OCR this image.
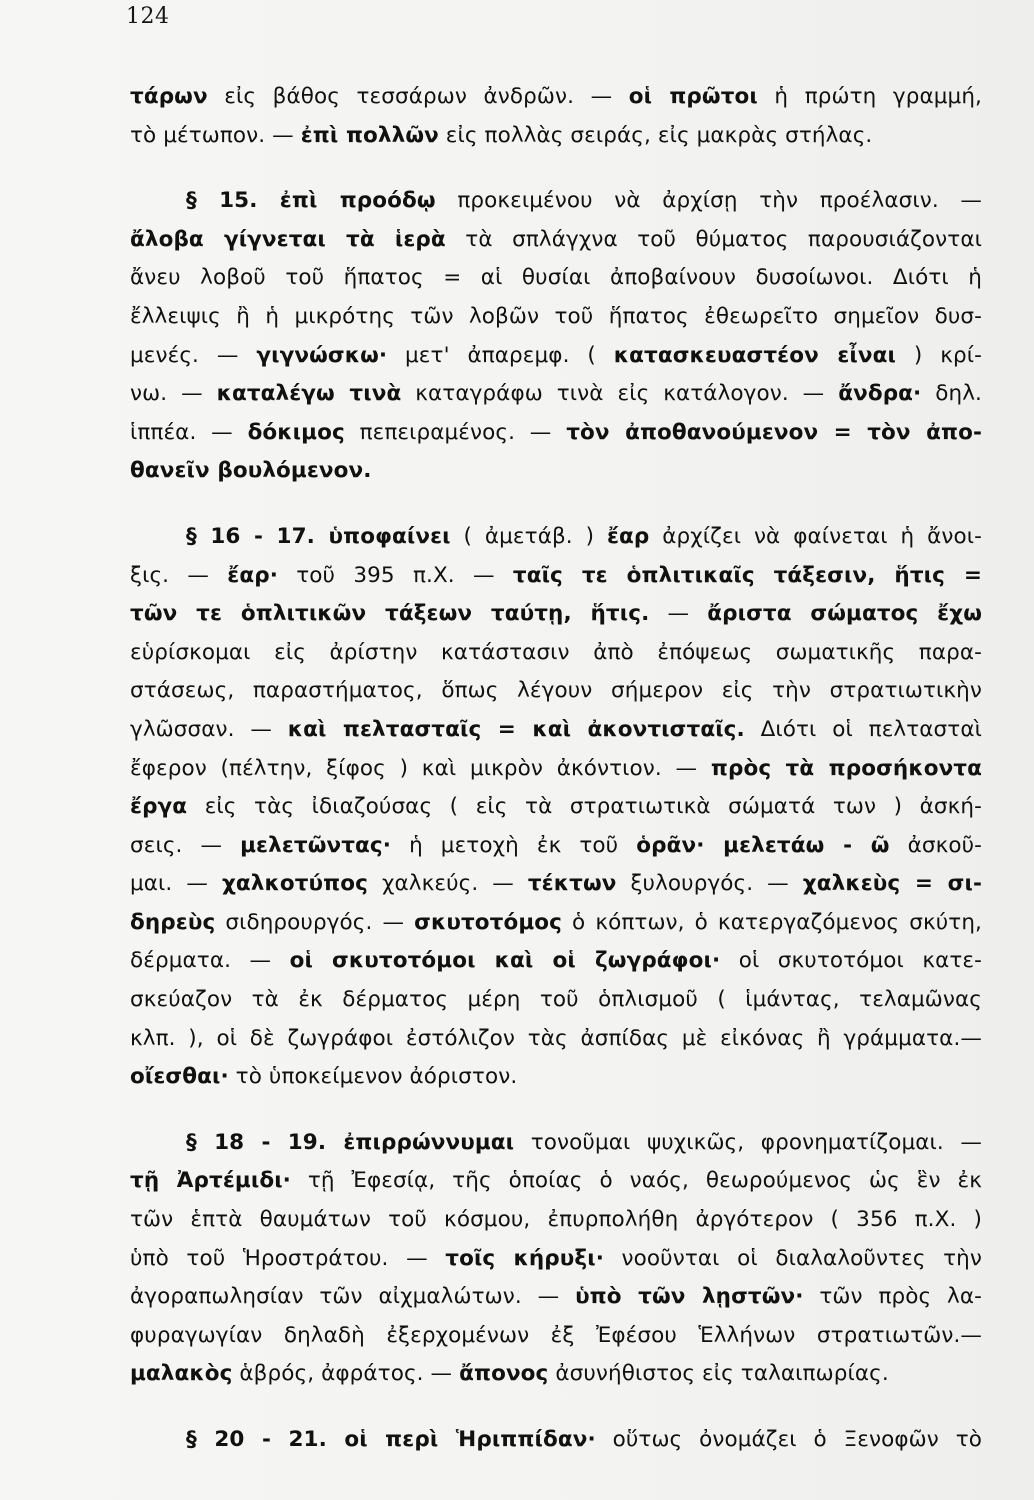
124
τάρων εἰς βάθος τεσσάρων ἀνδρῶν. — οἱ πρῶτοι ἡ πρώτη γραμμή,
τὸ μέτωπον. — ἐπὶ πολλῶν εἰς πολλὰς σειράς, εἰς μακρὰς στήλας.
§ 15. ἐπὶ προόδῳ προκειμένου νὰ ἀρχίσῃ τὴν προέλασιν. —
ἄλοβα γίγνεται τὰ ἱερὰ τὰ σπλάγχνα τοῦ θύματος παρουσιάζονται
ἄνευ λοβοῦ τοῦ ἥπατος = αἱ θυσίαι ἀποβαίνουν δυσοίωνοι. Διότι ἡ
ἔλλειψις ἢ ἡ μικρότης τῶν λοβῶν τοῦ ἥπατος ἐθεωρεῖτο σημεῖον δυσ-
μενές. — γιγνώσκω· μετ' ἀπαρεμφ. ( κατασκευαστέον εἶναι ) κρί-
νω. — καταλέγω τινὰ καταγράφω τινὰ εἰς κατάλογον. — ἄνδρα· δηλ.
ἱππέα. — δόκιμος πεπειραμένος. — τὸν ἀποθανούμενον = τὸν ἀπο-
θανεῖν βουλόμενον.
§ 16 - 17. ὑποφαίνει ( ἀμετάβ. ) ἔαρ ἀρχίζει νὰ φαίνεται ἡ ἄνοι-
ξις. — ἔαρ· τοῦ 395 π.Χ. — ταῖς τε ὁπλιτικαῖς τάξεσιν, ἥτις =
τῶν τε ὁπλιτικῶν τάξεων ταύτῃ, ἥτις. — ἄριστα σώματος ἔχω
εὑρίσκομαι εἰς ἀρίστην κατάστασιν ἀπὸ ἐπόψεως σωματικῆς παρα-
στάσεως, παραστήματος, ὅπως λέγουν σήμερον εἰς τὴν στρατιωτικὴν
γλῶσσαν. — καὶ πελτασταῖς = καὶ ἀκοντισταῖς. Διότι οἱ πελτασταὶ
ἔφερον (πέλτην, ξίφος ) καὶ μικρὸν ἀκόντιον. — πρὸς τὰ προσήκοντα
ἔργα εἰς τὰς ἰδιαζούσας ( εἰς τὰ στρατιωτικὰ σώματά των ) ἀσκή-
σεις. — μελετῶντας· ἡ μετοχὴ ἐκ τοῦ ὁρᾶν· μελετάω - ῶ ἀσκοῦ-
μαι. — χαλκοτύπος χαλκεύς. — τέκτων ξυλουργός. — χαλκεὺς = σι-
δηρεὺς σιδηρουργός. — σκυτοτόμος ὁ κόπτων, ὁ κατεργαζόμενος σκύτη,
δέρματα. — οἱ σκυτοτόμοι καὶ οἱ ζωγράφοι· οἱ σκυτοτόμοι κατε-
σκεύαζον τὰ ἐκ δέρματος μέρη τοῦ ὁπλισμοῦ ( ἱμάντας, τελαμῶνας
κλπ. ), οἱ δὲ ζωγράφοι ἐστόλιζον τὰς ἀσπίδας μὲ εἰκόνας ἢ γράμματα.—
οἴεσθαι· τὸ ὑποκείμενον ἀόριστον.
§ 18 - 19. ἐπιρρώννυμαι τονοῦμαι ψυχικῶς, φρονηματίζομαι. —
τῇ Ἀρτέμιδι· τῇ Ἐφεσίᾳ, τῆς ὁποίας ὁ ναός, θεωρούμενος ὡς ἓν ἐκ
τῶν ἑπτὰ θαυμάτων τοῦ κόσμου, ἐπυρπολήθη ἀργότερον ( 356 π.Χ. )
ὑπὸ τοῦ Ἡροστράτου. — τοῖς κήρυξι· νοοῦνται οἱ διαλαλοῦντες τὴν
ἀγοραπωλησίαν τῶν αἰχμαλώτων. — ὑπὸ τῶν λῃστῶν· τῶν πρὸς λα-
φυραγωγίαν δηλαδὴ ἐξερχομένων ἐξ Ἐφέσου Ἑλλήνων στρατιωτῶν.—
μαλακὸς ἁβρός, ἀφράτος. — ἄπονος ἀσυνήθιστος εἰς ταλαιπωρίας.
§ 20 - 21. οἱ περὶ Ἡριππίδαν· οὕτως ὀνομάζει ὁ Ξενοφῶν τὸ
